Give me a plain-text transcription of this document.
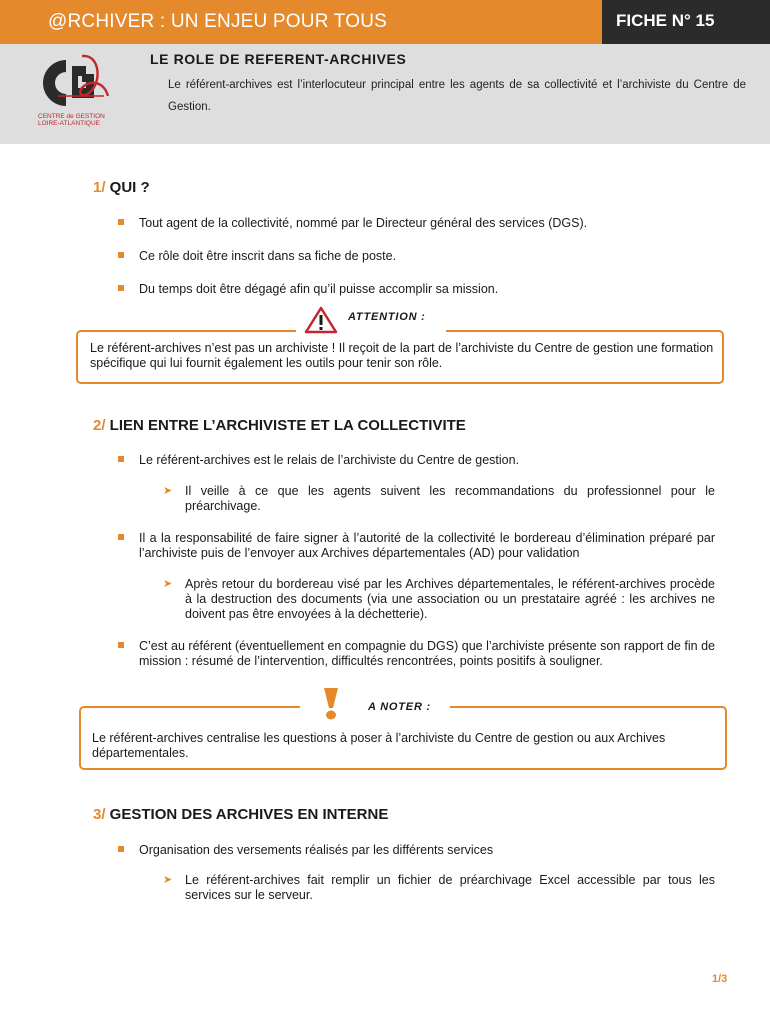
@RCHIVER : UN ENJEU POUR TOUS	FICHE N° 15
CENTRE de GESTION LOIRE-ATLANTIQUE
LE ROLE DE REFERENT-ARCHIVES
Le référent-archives est l’interlocuteur principal entre les agents de sa collectivité et l’archiviste du Centre de Gestion.
1/ QUI ?
Tout agent de la collectivité, nommé par le Directeur général des services (DGS).
Ce rôle doit être inscrit dans sa fiche de poste.
Du temps doit être dégagé afin qu’il puisse accomplir sa mission.
Le référent-archives n’est pas un archiviste ! Il reçoit de la part de l’archiviste du Centre de gestion une formation spécifique qui lui fournit également les outils pour tenir son rôle.
ATTENTION :
2/ LIEN ENTRE L’ARCHIVISTE ET LA COLLECTIVITE
Le référent-archives est le relais de l’archiviste du Centre de gestion.
➤ Il veille à ce que les agents suivent les recommandations du professionnel pour le préarchivage.
Il a la responsabilité de faire signer à l’autorité de la collectivité le bordereau d’élimination préparé par l’archiviste puis de l’envoyer aux Archives départementales (AD) pour validation
➤ Après retour du bordereau visé par les Archives départementales, le référent-archives procède à la destruction des documents (via une association ou un prestataire agréé : les archives ne doivent pas être envoyées à la déchetterie).
C’est au référent (éventuellement en compagnie du DGS) que l’archiviste présente son rapport de fin de mission : résumé de l’intervention, difficultés rencontrées, points positifs à souligner.
Le référent-archives centralise les questions à poser à l’archiviste du Centre de gestion ou aux Archives départementales.
A NOTER :
3/ GESTION DES ARCHIVES EN INTERNE
Organisation des versements réalisés par les différents services
➤ Le référent-archives fait remplir un fichier de préarchivage Excel accessible par tous les services sur le serveur.
1/3
